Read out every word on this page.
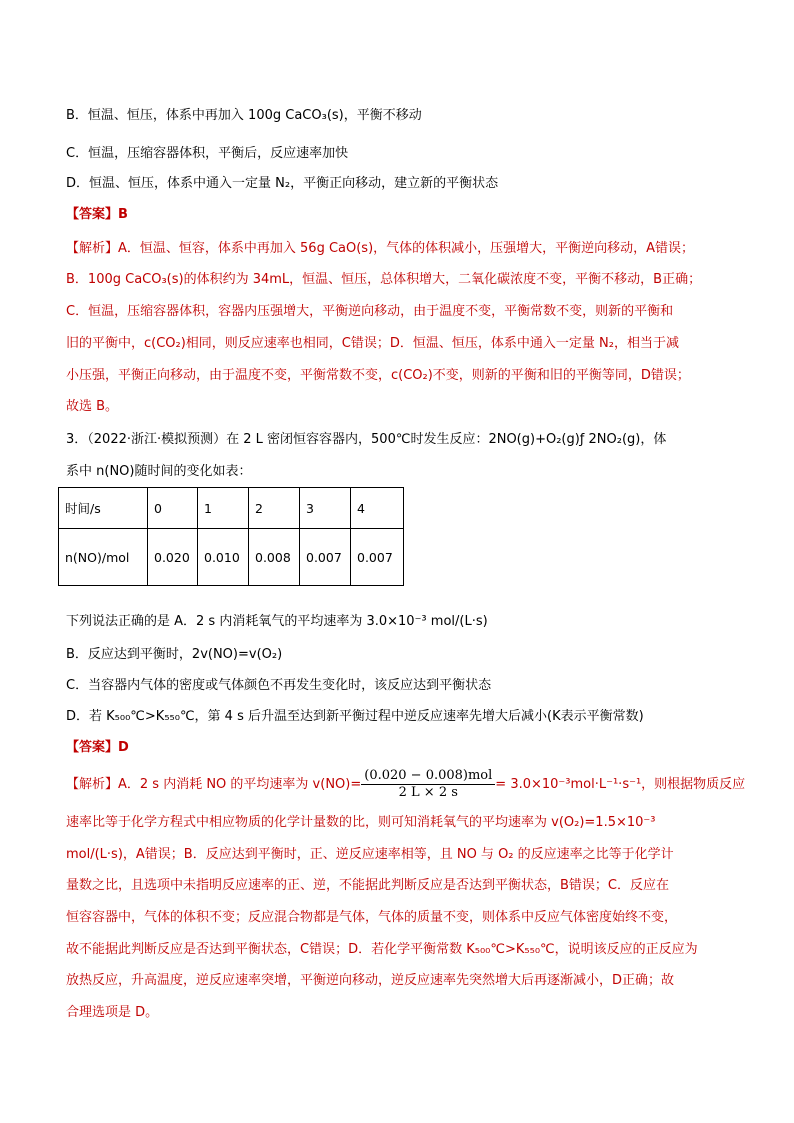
B．恒温、恒压，体系中再加入 100g CaCO₃(s)，平衡不移动
C．恒温，压缩容器体积，平衡后，反应速率加快
D．恒温、恒压，体系中通入一定量 N₂，平衡正向移动，建立新的平衡状态
【答案】B
【解析】A．恒温、恒容，体系中再加入 56g CaO(s)，气体的体积减小，压强增大，平衡逆向移动，A错误；
B．100g CaCO₃(s)的体积约为 34mL，恒温、恒压，总体积增大，二氧化碳浓度不变，平衡不移动，B正确；
C．恒温，压缩容器体积，容器内压强增大，平衡逆向移动，由于温度不变，平衡常数不变，则新的平衡和
旧的平衡中，c(CO₂)相同，则反应速率也相同，C错误；D．恒温、恒压，体系中通入一定量 N₂，相当于减
小压强，平衡正向移动，由于温度不变，平衡常数不变，c(CO₂)不变，则新的平衡和旧的平衡等同，D错误；
故选 B。
3．（2022·浙江·模拟预测）在 2 L 密闭恒容容器内，500℃时发生反应：2NO(g)+O₂(g)ƒ 2NO₂(g)，体
系中 n(NO)随时间的变化如表：
时间/s	0	1	2	3	4
n(NO)/mol	0.020	0.010	0.008	0.007	0.007
下列说法正确的是 A．2 s 内消耗氧气的平均速率为 3.0×10⁻³ mol/(L·s)
B．反应达到平衡时，2v(NO)=v(O₂)
C．当容器内气体的密度或气体颜色不再发生变化时，该反应达到平衡状态
D．若 K₅₀₀℃>K₅₅₀℃，第 4 s 后升温至达到新平衡过程中逆反应速率先增大后减小(K表示平衡常数)
【答案】D
【解析】A．2 s 内消耗 NO 的平均速率为 $v(NO)= \frac{\text{(0.020 − 0.008)mol}}{2 L \times 2 s} = 3.0\times 10^{-3}mol\cdot L^{-1}\cdot s^{-1}$，则根据物质反应
速率比等于化学方程式中相应物质的化学计量数的比，则可知消耗氧气的平均速率为 v(O₂)=1.5×10⁻³
mol/(L·s)，A错误；B．反应达到平衡时，正、逆反应速率相等，且 NO 与 O₂ 的反应速率之比等于化学计
量数之比，且选项中未指明反应速率的正、逆，不能据此判断反应是否达到平衡状态，B错误；C．反应在
恒容容器中，气体的体积不变；反应混合物都是气体，气体的质量不变，则体系中反应气体密度始终不变，
故不能据此判断反应是否达到平衡状态，C错误；D．若化学平衡常数 K₅₀₀℃>K₅₅₀℃，说明该反应的正反应为
放热反应，升高温度，逆反应速率突增，平衡逆向移动，逆反应速率先突然增大后再逐渐减小，D正确；故
合理选项是 D。
